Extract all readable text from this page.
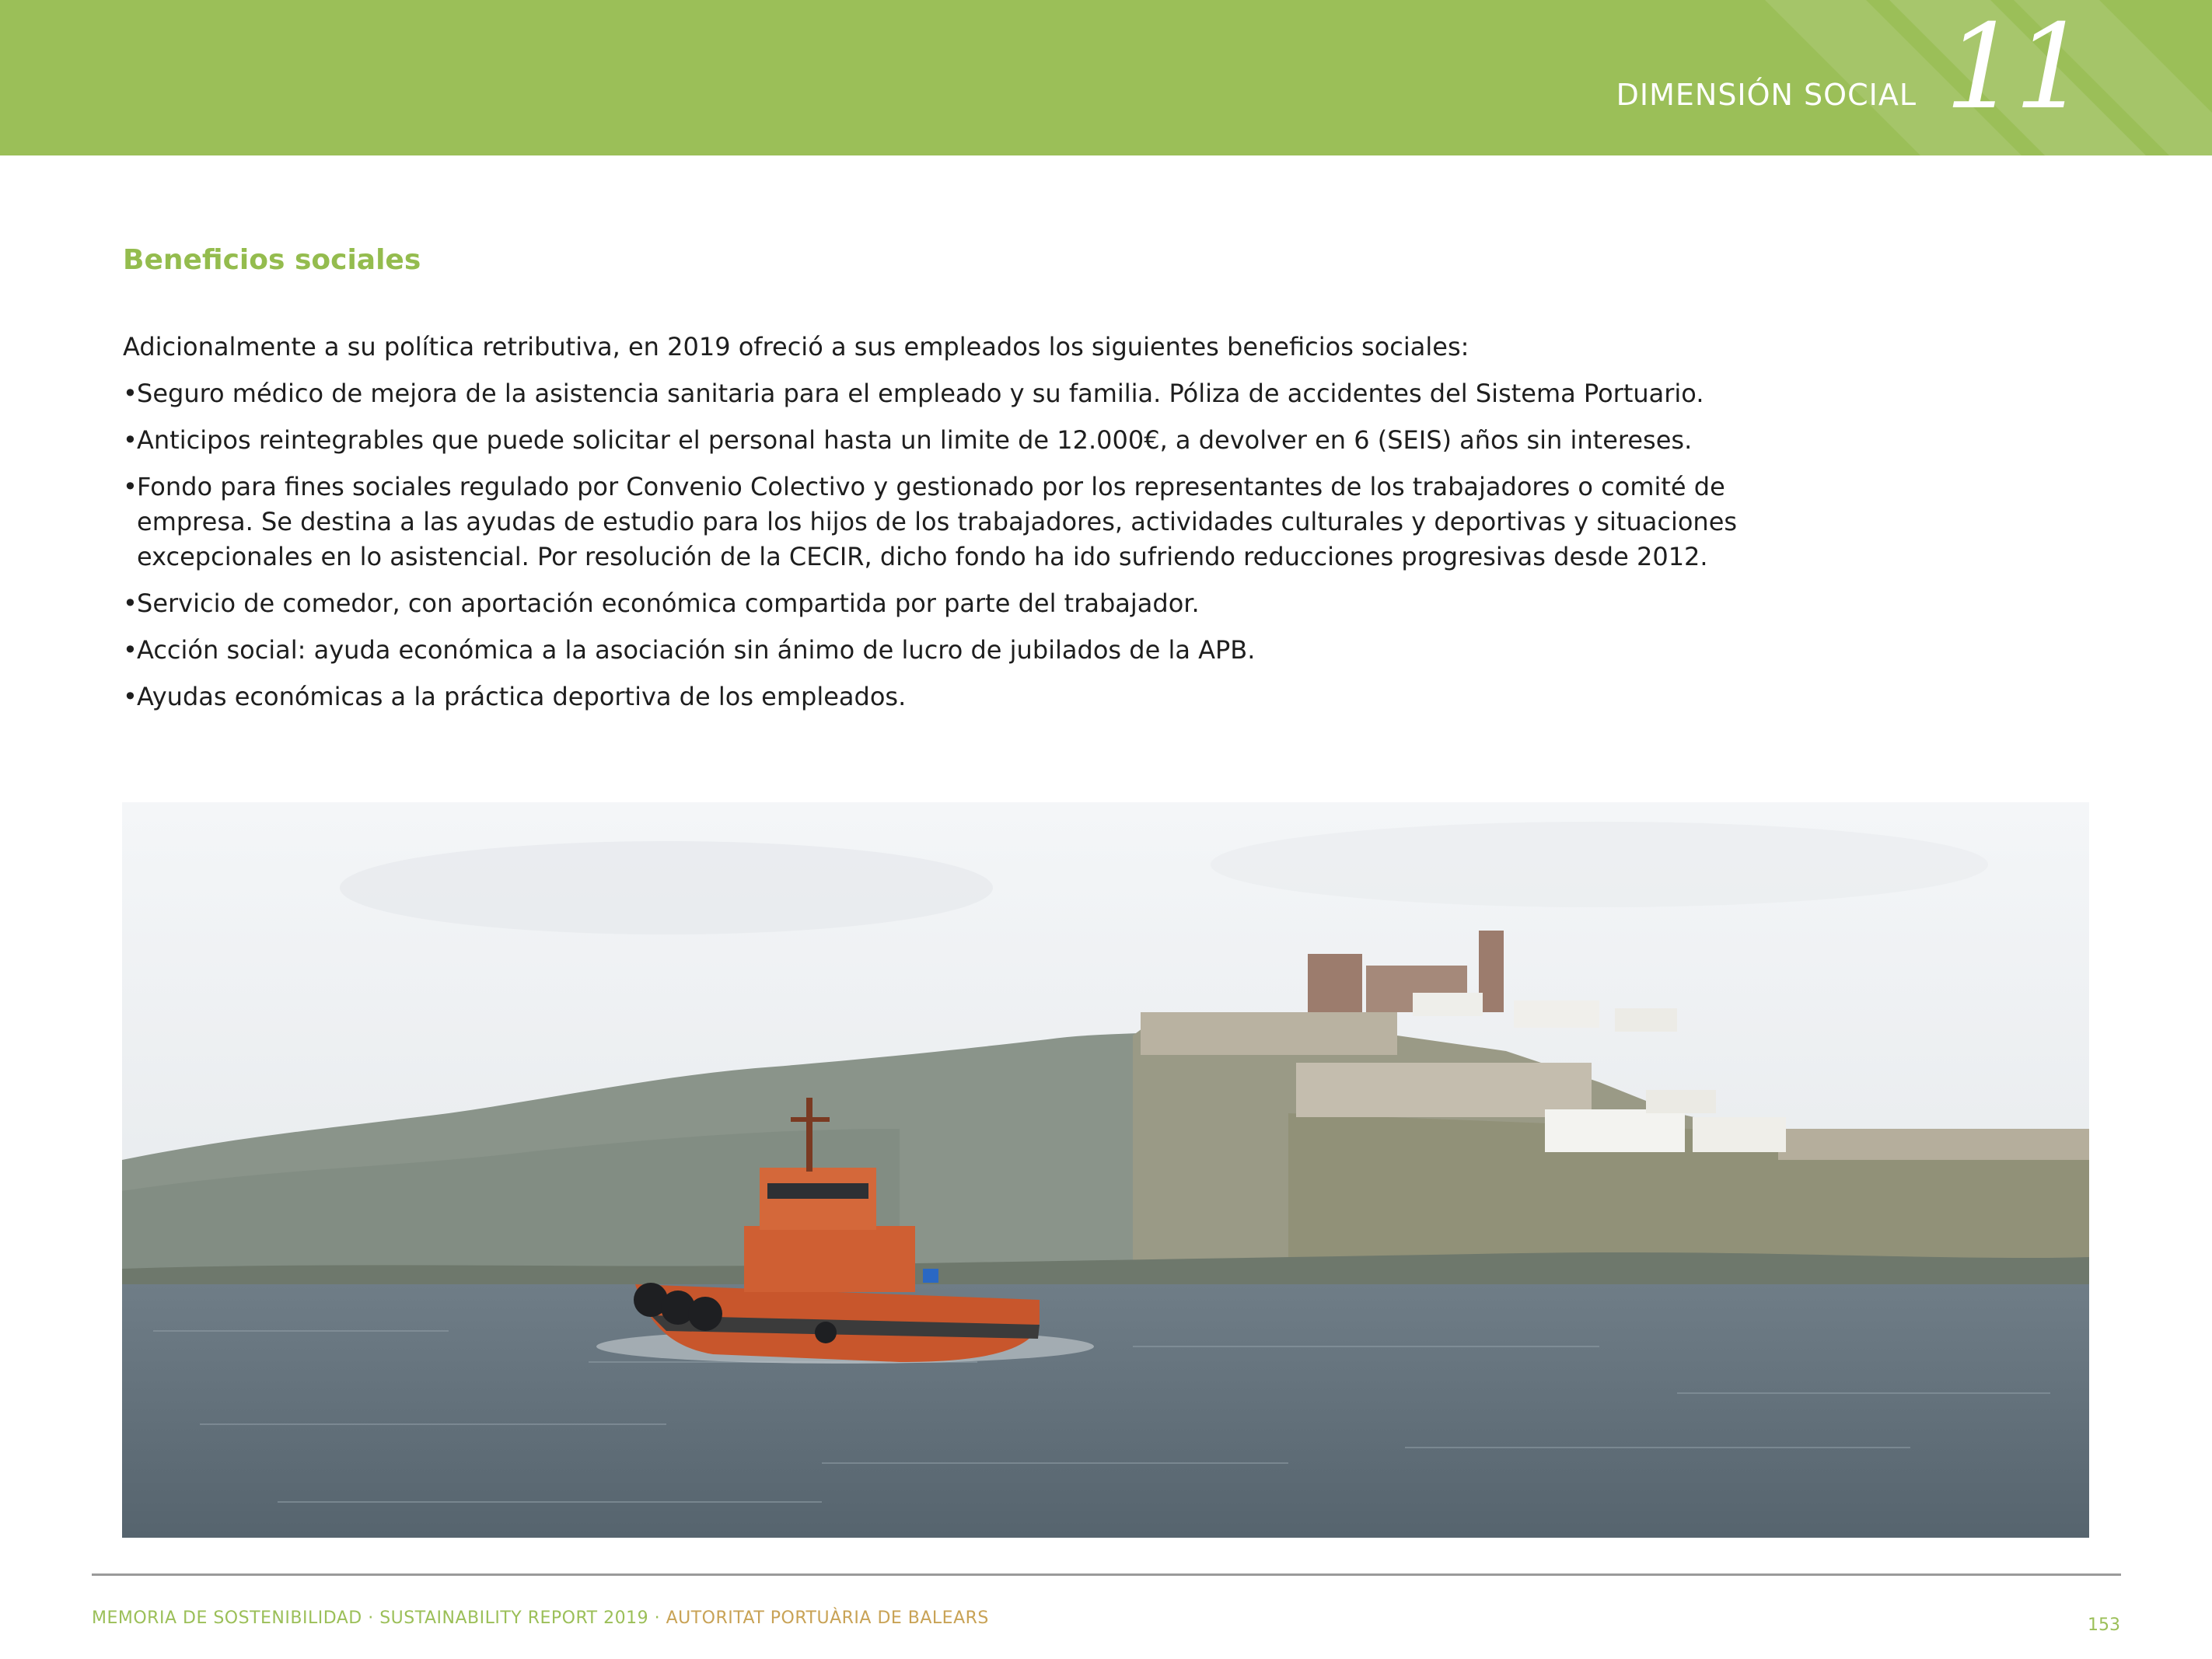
DIMENSIÓN SOCIAL 11
Beneficios sociales

Adicionalmente a su política retributiva, en 2019 ofreció a sus empleados los siguientes beneficios sociales:

• Seguro médico de mejora de la asistencia sanitaria para el empleado y su familia. Póliza de accidentes del Sistema Portuario.
• Anticipos reintegrables que puede solicitar el personal hasta un limite de 12.000€, a devolver en 6 (SEIS) años sin intereses.
• Fondo para fines sociales regulado por Convenio Colectivo y gestionado por los representantes de los trabajadores o comité de empresa. Se destina a las ayudas de estudio para los hijos de los trabajadores, actividades culturales y deportivas y situaciones excepcionales en lo asistencial. Por resolución de la CECIR, dicho fondo ha ido sufriendo reducciones progresivas desde 2012.
• Servicio de comedor, con aportación económica compartida por parte del trabajador.
• Acción social: ayuda económica a la asociación sin ánimo de lucro de jubilados de la APB.
• Ayudas económicas a la práctica deportiva de los empleados.
MEMORIA DE SOSTENIBILIDAD · SUSTAINABILITY REPORT 2019 · AUTORITAT PORTUÀRIA DE BALEARS	153
